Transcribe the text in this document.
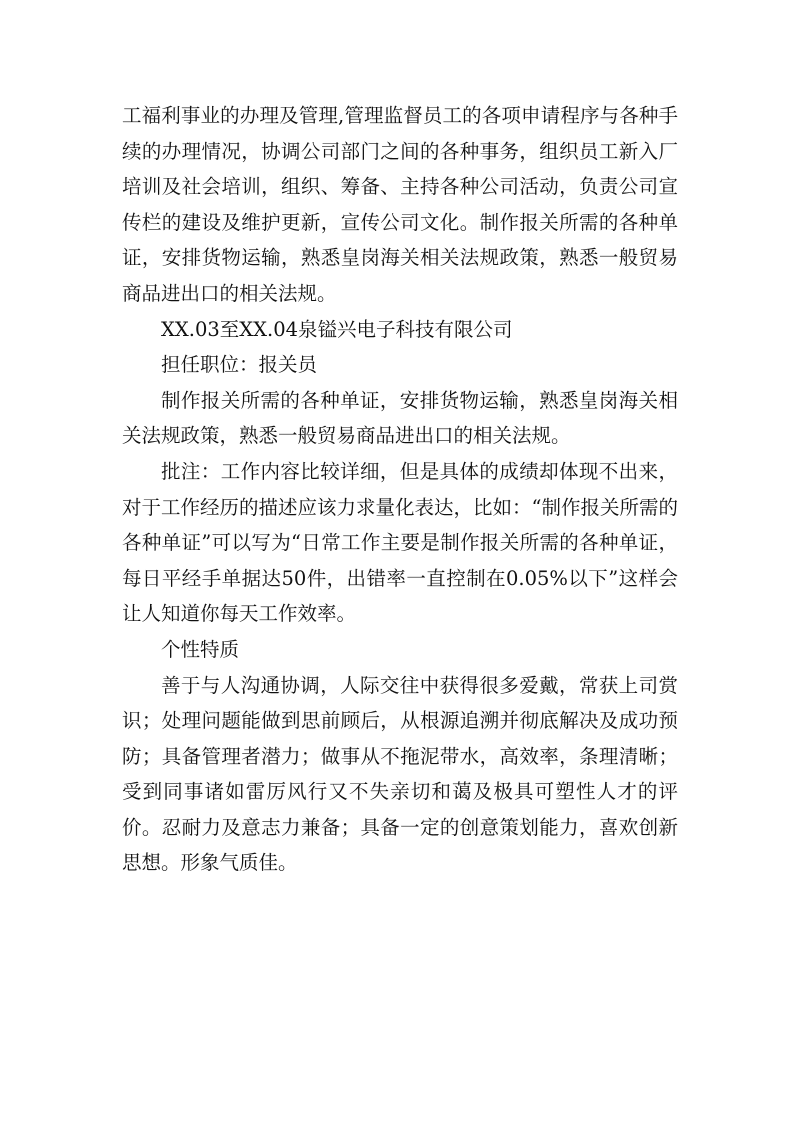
工福利事业的办理及管理,管理监督员工的各项申请程序与各种手续的办理情况，协调公司部门之间的各种事务，组织员工新入厂培训及社会培训，组织、筹备、主持各种公司活动，负责公司宣传栏的建设及维护更新，宣传公司文化。制作报关所需的各种单证，安排货物运输，熟悉皇岗海关相关法规政策，熟悉一般贸易商品进出口的相关法规。

XX.03至XX.04泉镒兴电子科技有限公司

担任职位：报关员

制作报关所需的各种单证，安排货物运输，熟悉皇岗海关相关法规政策，熟悉一般贸易商品进出口的相关法规。

批注：工作内容比较详细，但是具体的成绩却体现不出来，对于工作经历的描述应该力求量化表达，比如：“制作报关所需的各种单证”可以写为“日常工作主要是制作报关所需的各种单证，每日平经手单据达50件，出错率一直控制在0.05%以下”这样会让人知道你每天工作效率。

个性特质

善于与人沟通协调，人际交往中获得很多爱戴，常获上司赏识；处理问题能做到思前顾后，从根源追溯并彻底解决及成功预防；具备管理者潜力；做事从不拖泥带水，高效率，条理清晰；受到同事诸如雷厉风行又不失亲切和蔼及极具可塑性人才的评价。忍耐力及意志力兼备；具备一定的创意策划能力，喜欢创新思想。形象气质佳。
